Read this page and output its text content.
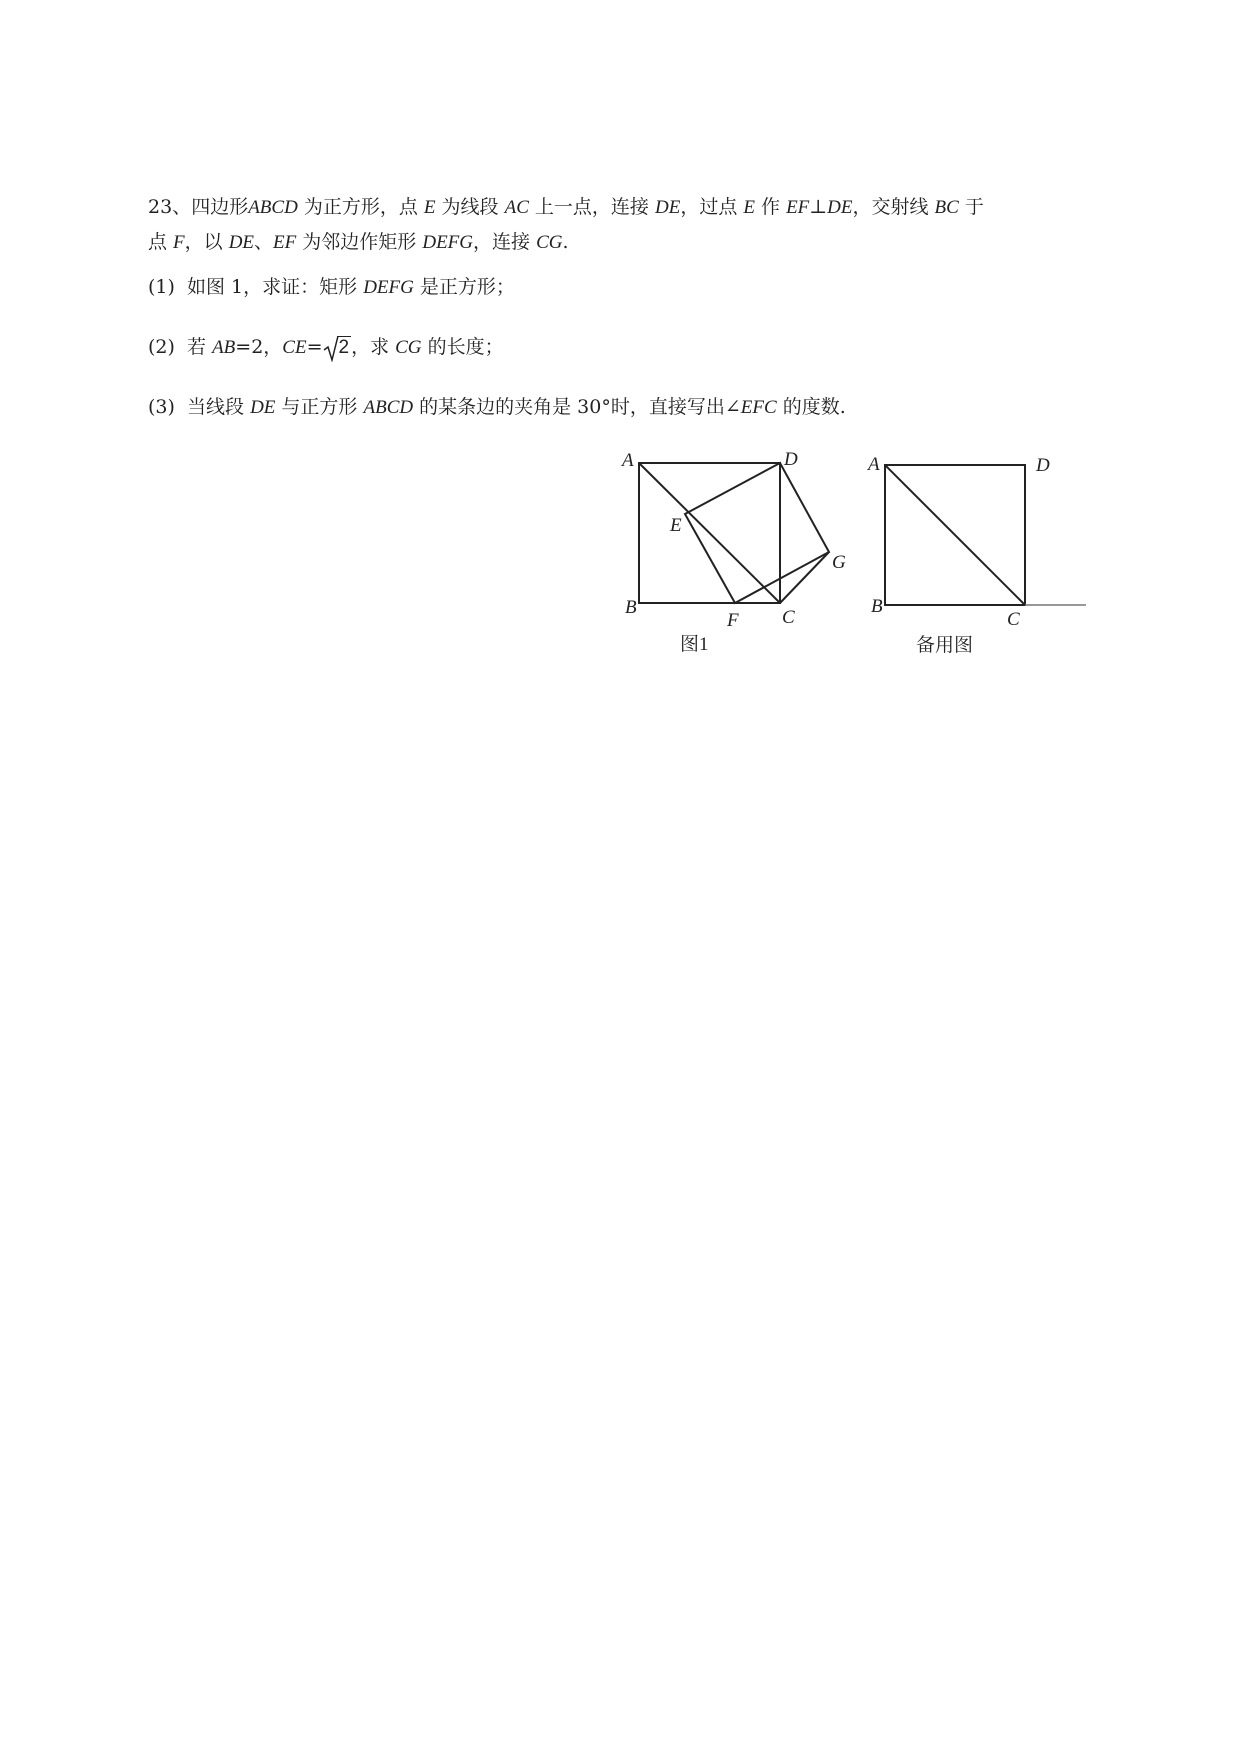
23、四边形ABCD 为正方形，点 E 为线段 AC 上一点，连接 DE，过点 E 作 EF⊥DE，交射线 BC 于
点 F，以 DE、EF 为邻边作矩形 DEFG，连接 CG.
(1) 如图 1，求证：矩形 DEFG 是正方形；
(2) 若 AB=2，CE= 2 ，求 CG 的长度；
(3) 当线段 DE 与正方形 ABCD 的某条边的夹角是 30°时，直接写出∠EFC 的度数.
A
B	C
D
E
F
G
图1
A
B
C
D
备用图
